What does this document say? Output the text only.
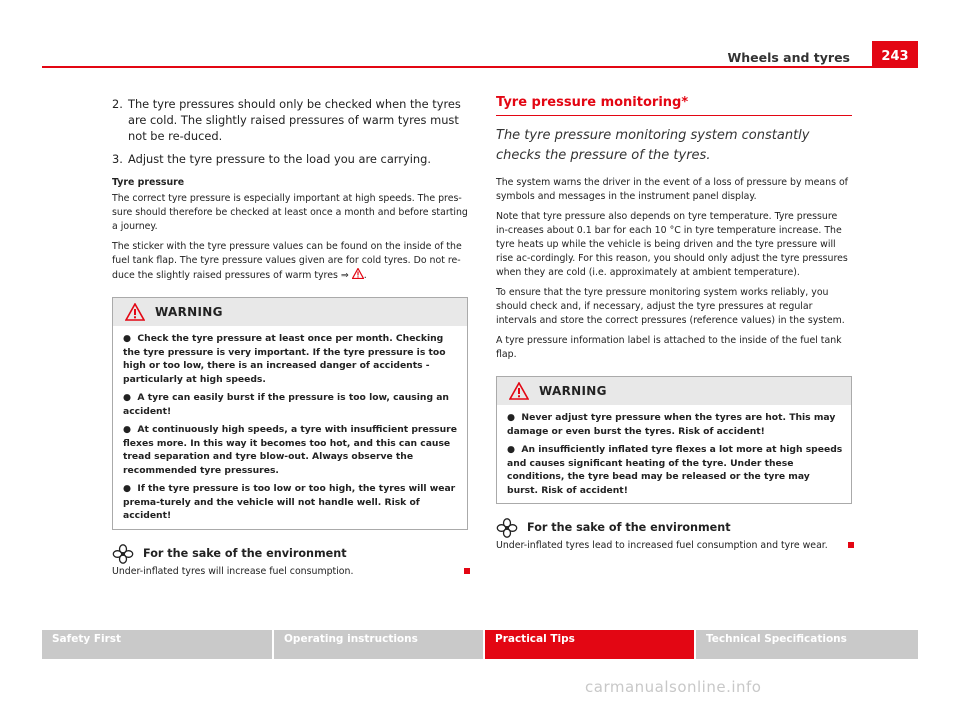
Wheels and tyres	243
2. The tyre pressures should only be checked when the tyres are cold. The slightly raised pressures of warm tyres must not be re-duced.
3. Adjust the tyre pressure to the load you are carrying.
Tyre pressure

The correct tyre pressure is especially important at high speeds. The pres-sure should therefore be checked at least once a month and before starting a journey.

The sticker with the tyre pressure values can be found on the inside of the fuel tank flap. The tyre pressure values given are for cold tyres. Do not re-duce the slightly raised pressures of warm tyres ⇒ .

WARNING
●  Check the tyre pressure at least once per month. Checking the tyre pressure is very important. If the tyre pressure is too high or too low, there is an increased danger of accidents - particularly at high speeds.
●  A tyre can easily burst if the pressure is too low, causing an accident!
●  At continuously high speeds, a tyre with insufficient pressure flexes more. In this way it becomes too hot, and this can cause tread separation and tyre blow-out. Always observe the recommended tyre pressures.
●  If the tyre pressure is too low or too high, the tyres will wear prema-turely and the vehicle will not handle well. Risk of accident!
For the sake of the environment
Under-inflated tyres will increase fuel consumption.
Tyre pressure monitoring*
The tyre pressure monitoring system constantly checks the pressure of the tyres.

The system warns the driver in the event of a loss of pressure by means of symbols and messages in the instrument panel display.

Note that tyre pressure also depends on tyre temperature. Tyre pressure in-creases about 0.1 bar for each 10 °C in tyre temperature increase. The tyre heats up while the vehicle is being driven and the tyre pressure will rise ac-cordingly. For this reason, you should only adjust the tyre pressures when they are cold (i.e. approximately at ambient temperature).

To ensure that the tyre pressure monitoring system works reliably, you should check and, if necessary, adjust the tyre pressures at regular intervals and store the correct pressures (reference values) in the system.

A tyre pressure information label is attached to the inside of the fuel tank flap.

WARNING
●  Never adjust tyre pressure when the tyres are hot. This may damage or even burst the tyres. Risk of accident!
●  An insufficiently inflated tyre flexes a lot more at high speeds and causes significant heating of the tyre. Under these conditions, the tyre bead may be released or the tyre may burst. Risk of accident!
For the sake of the environment
Under-inflated tyres lead to increased fuel consumption and tyre wear.
Safety First	Operating instructions	Practical Tips	Technical Specifications
carmanualsonline.info
